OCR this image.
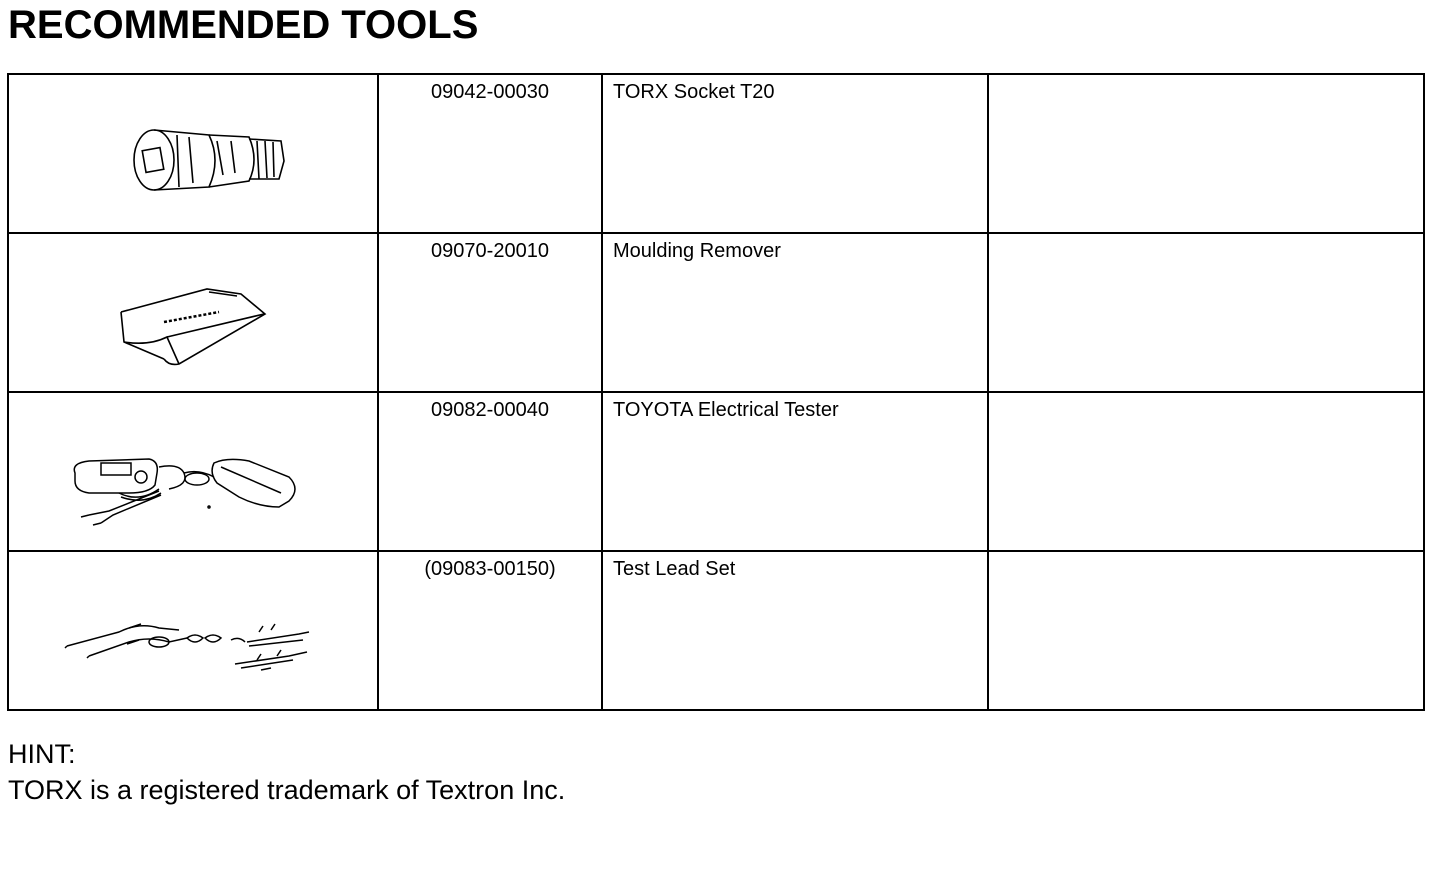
RECOMMENDED TOOLS

09042-00030	TORX Socket T20	

09070-20010	Moulding Remover	

09082-00040	TOYOTA Electrical Tester	

(09083-00150)	Test Lead Set	

HINT:
TORX is a registered trademark of Textron Inc.
